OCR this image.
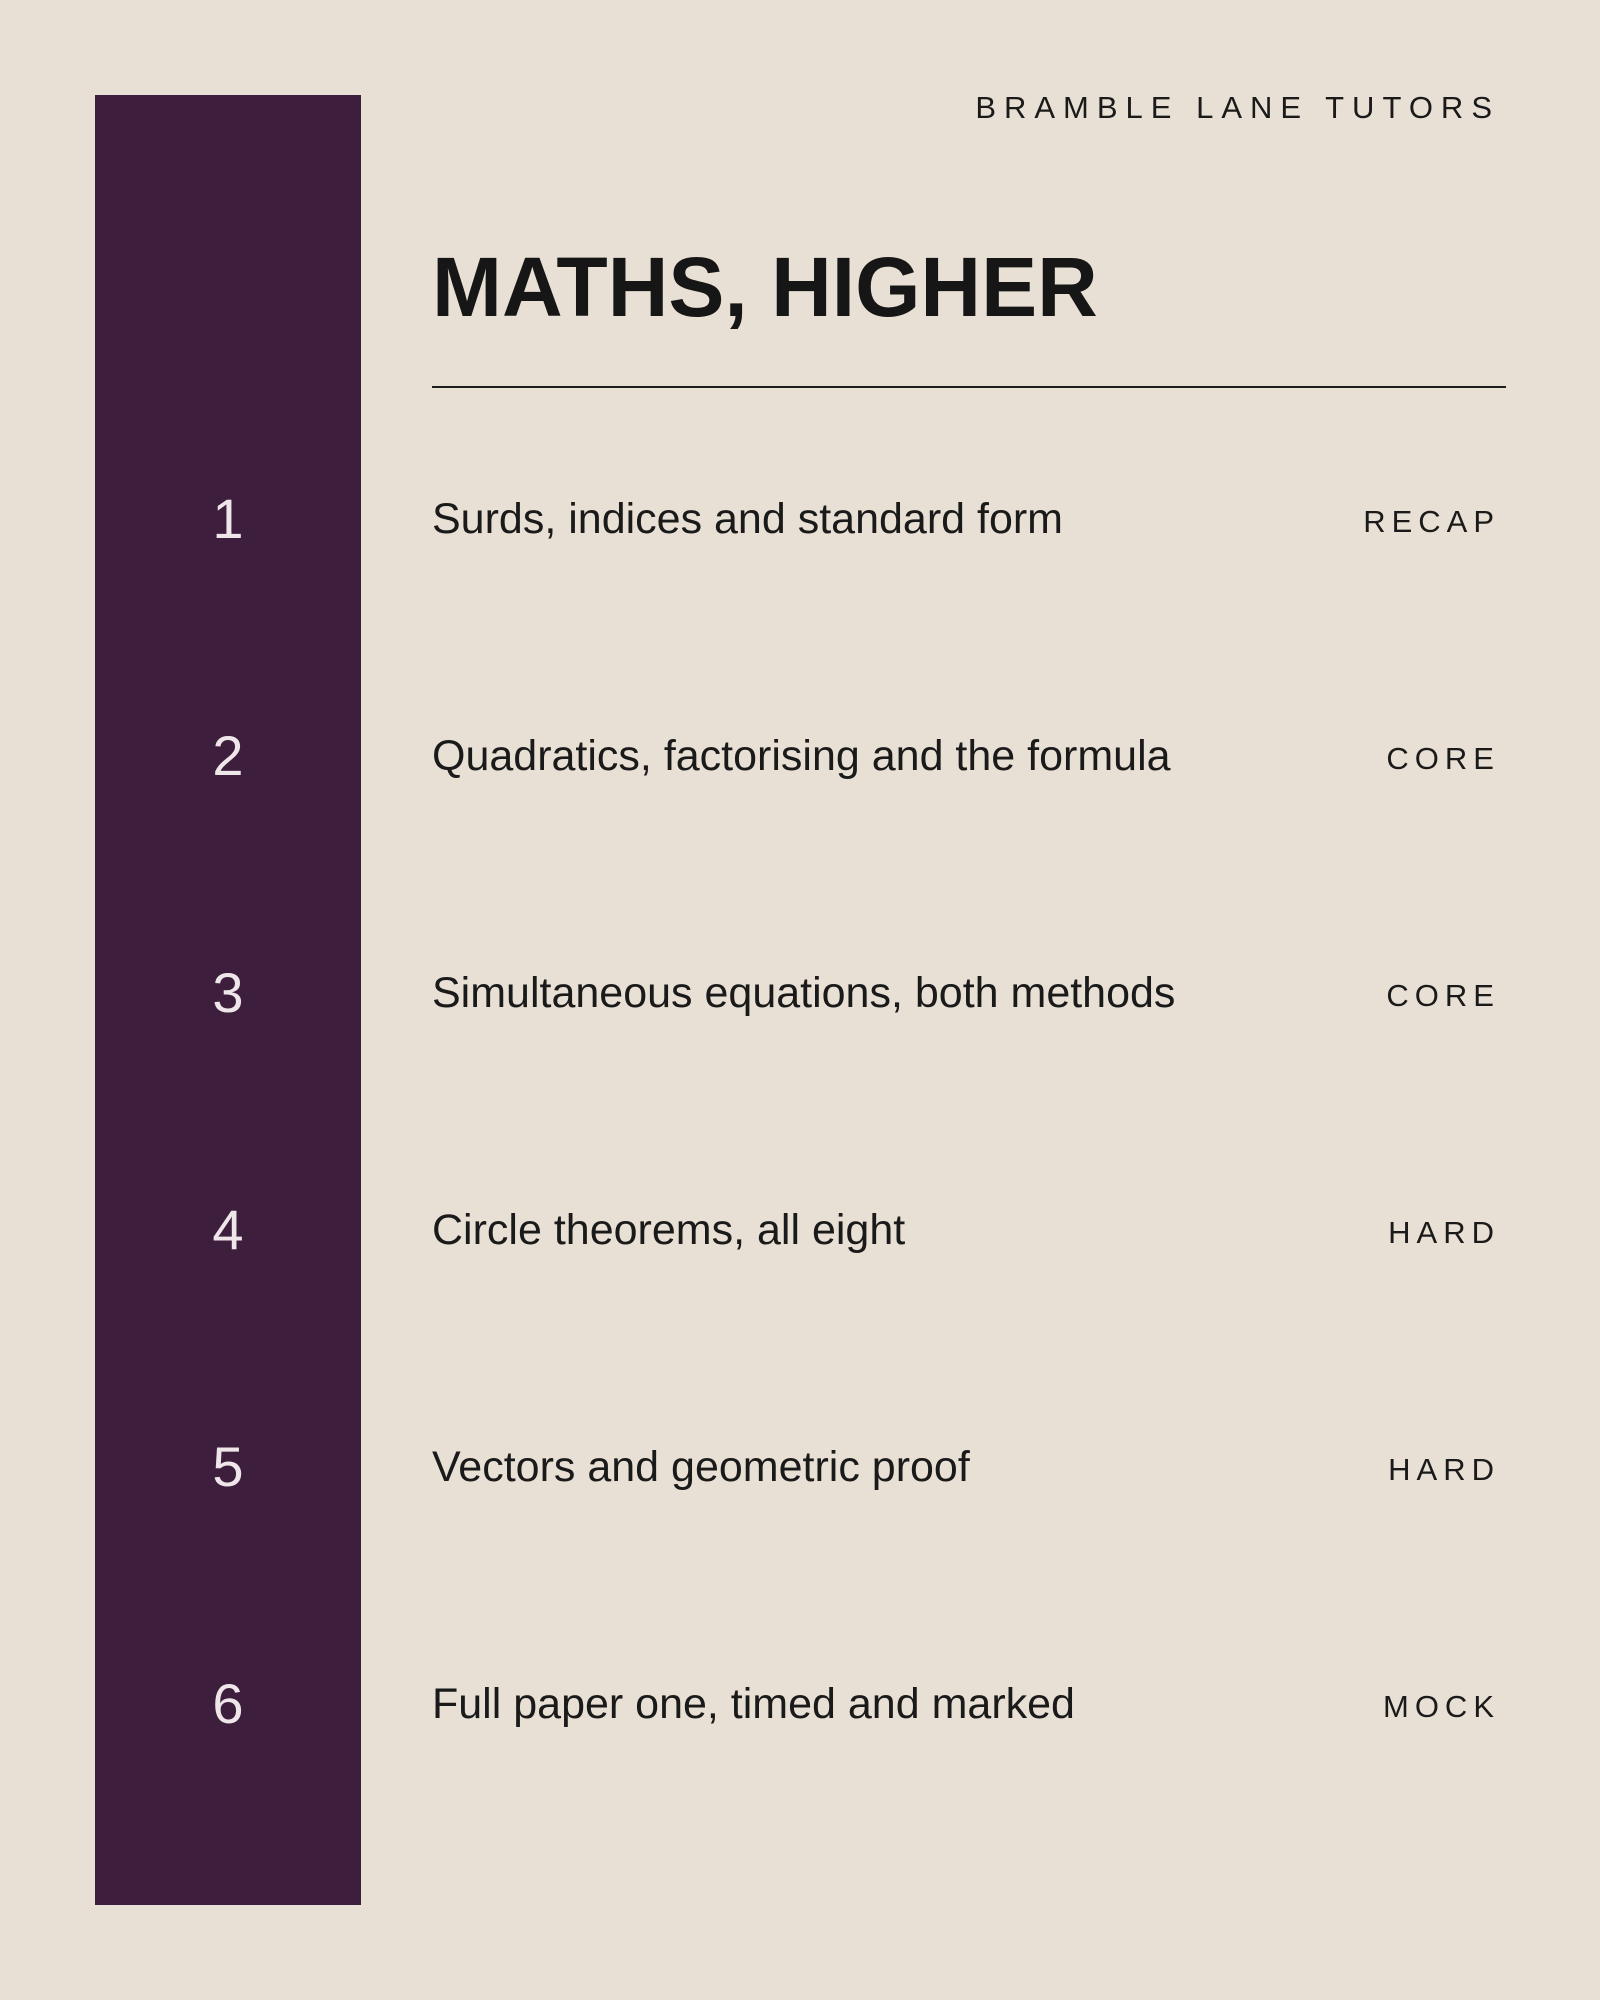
BRAMBLE LANE TUTORS
MATHS, HIGHER
1	Surds, indices and standard form	RECAP
2	Quadratics, factorising and the formula	CORE
3	Simultaneous equations, both methods	CORE
4	Circle theorems, all eight	HARD
5	Vectors and geometric proof	HARD
6	Full paper one, timed and marked	MOCK
